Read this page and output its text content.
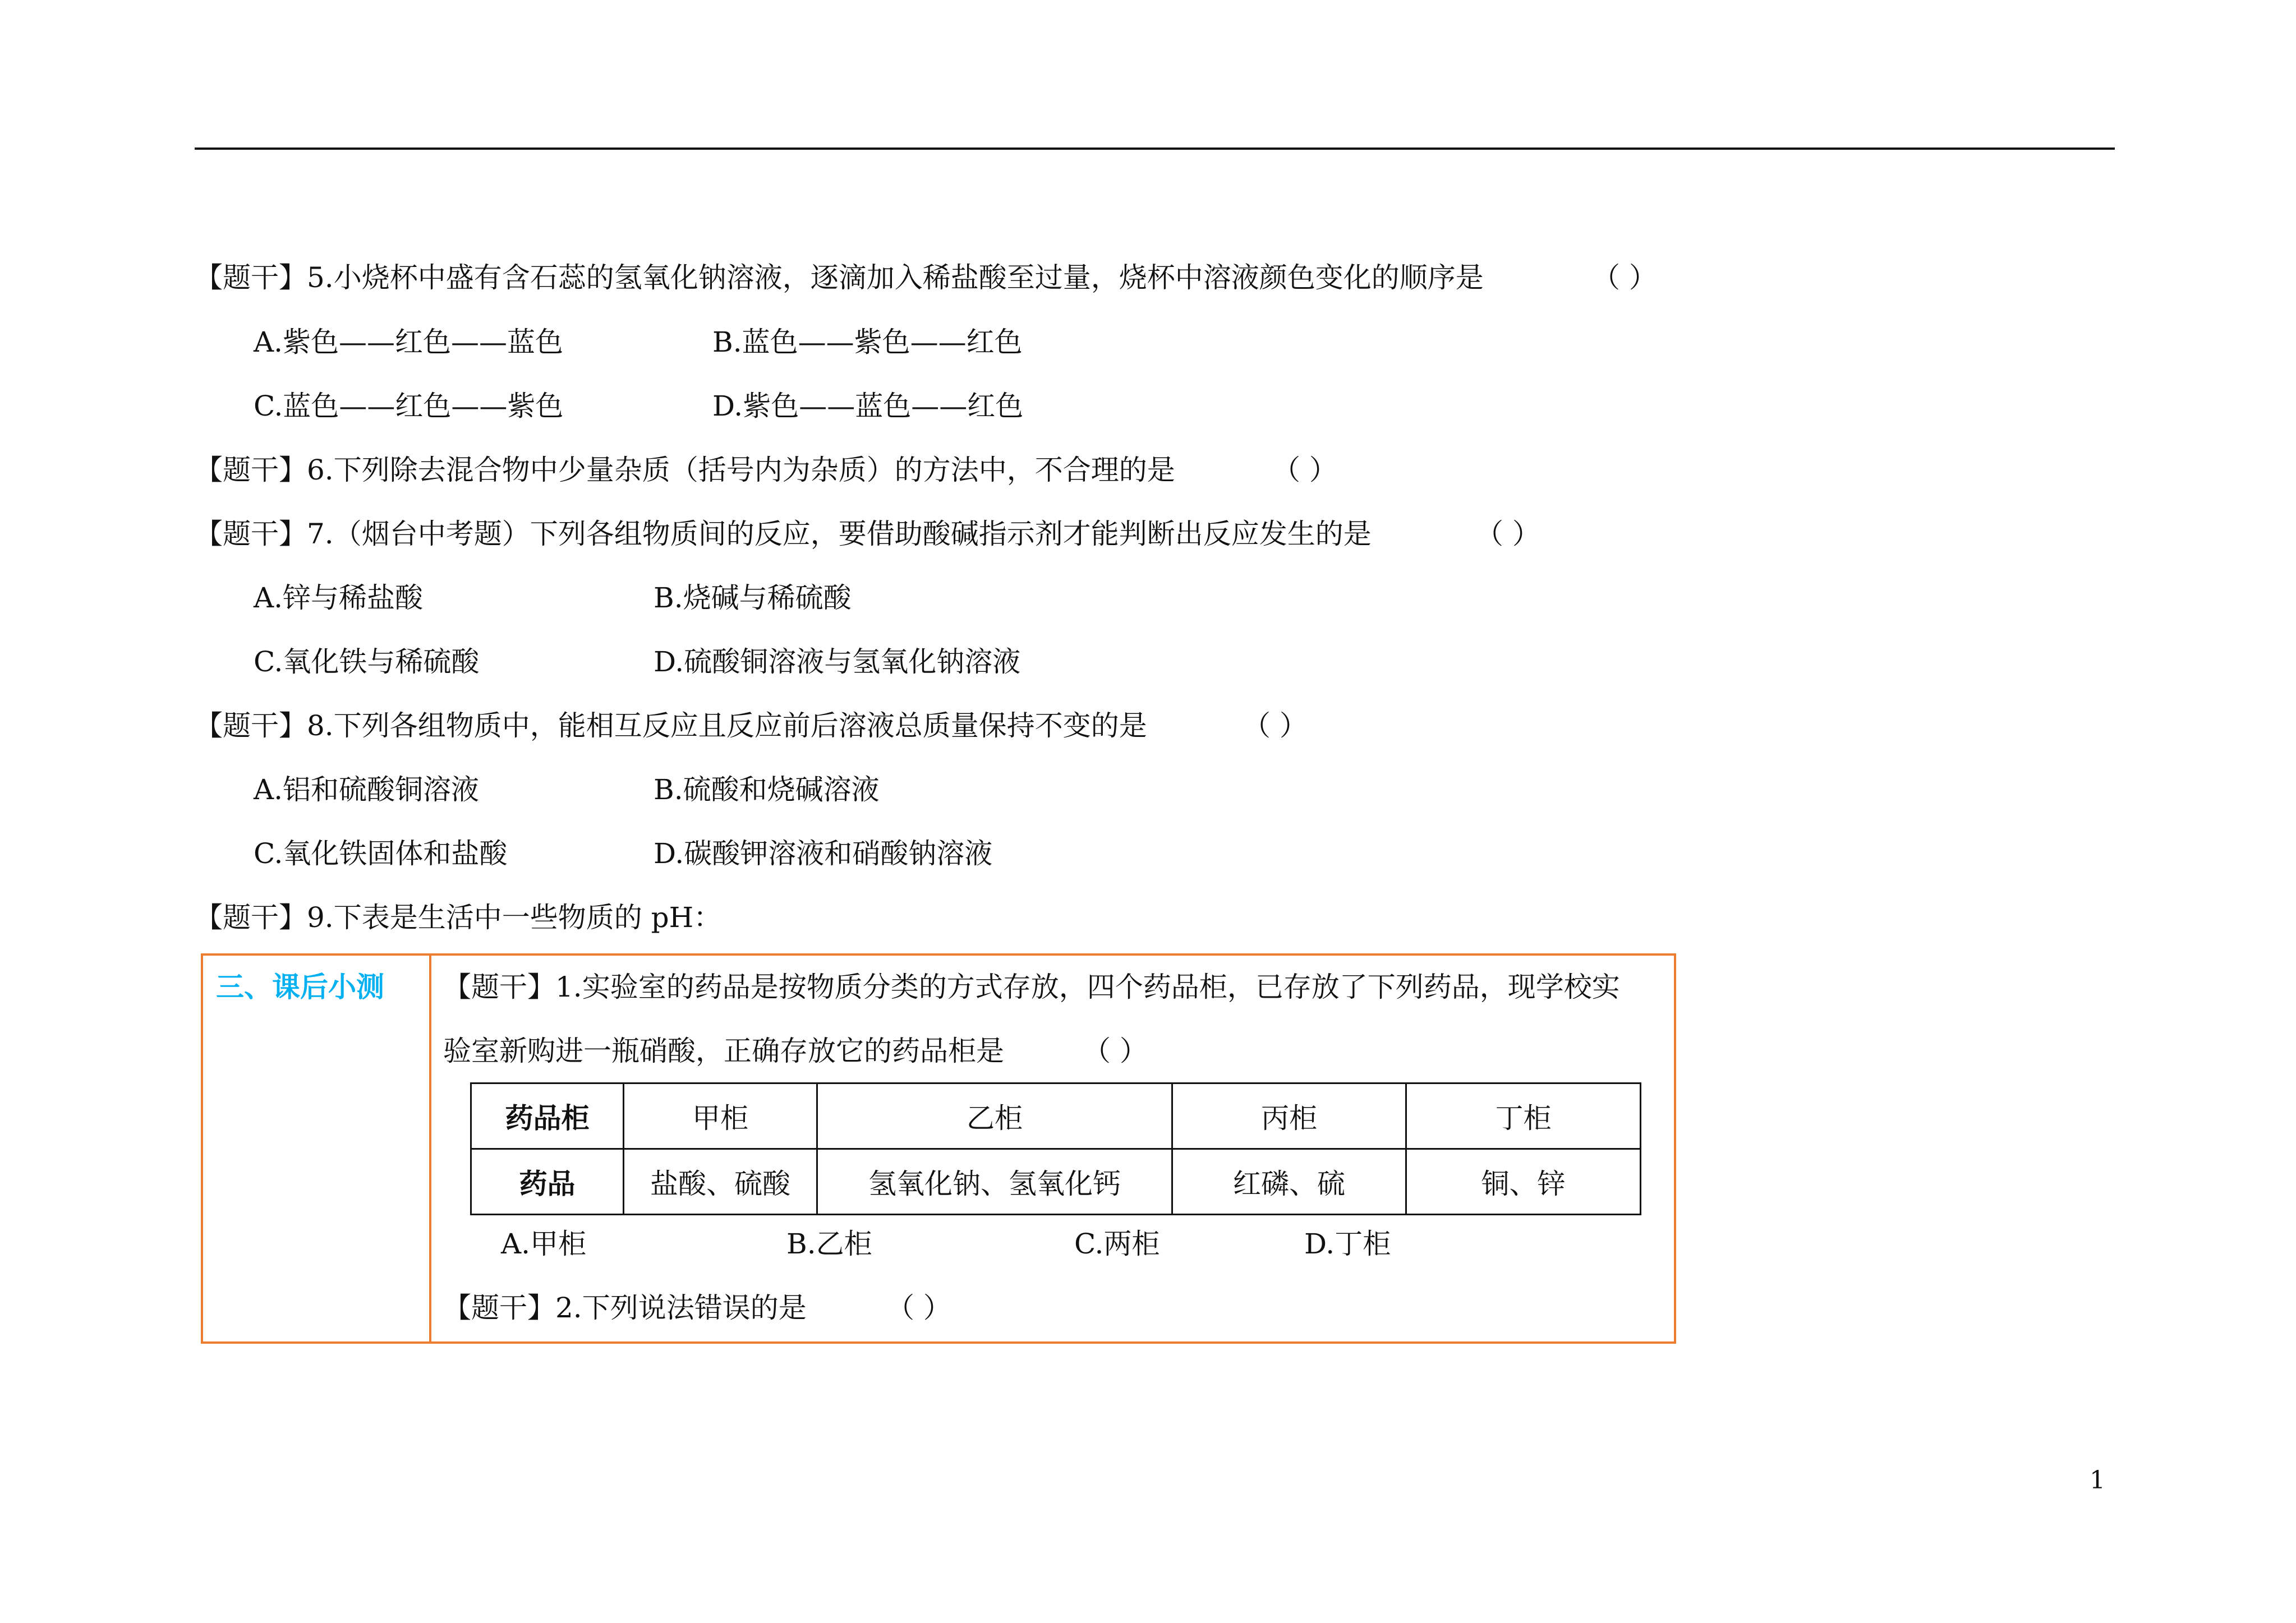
【题干】5.小烧杯中盛有含石蕊的氢氧化钠溶液，逐滴加入稀盐酸至过量，烧杯中溶液颜色变化的顺序是	（ ）
A.紫色——红色——蓝色	B.蓝色——紫色——红色
C.蓝色——红色——紫色	D.紫色——蓝色——红色
【题干】6.下列除去混合物中少量杂质（括号内为杂质）的方法中，不合理的是	（ ）
【题干】7.（烟台中考题）下列各组物质间的反应，要借助酸碱指示剂才能判断出反应发生的是	（ ）
A.锌与稀盐酸	B.烧碱与稀硫酸
C.氧化铁与稀硫酸	D.硫酸铜溶液与氢氧化钠溶液
【题干】8.下列各组物质中，能相互反应且反应前后溶液总质量保持不变的是	（ ）
A.铝和硫酸铜溶液	B.硫酸和烧碱溶液
C.氧化铁固体和盐酸	D.碳酸钾溶液和硝酸钠溶液
【题干】9.下表是生活中一些物质的 pH：
三、课后小测 【题干】1.实验室的药品是按物质分类的方式存放，四个药品柜，已存放了下列药品，现学校实
验室新购进一瓶硝酸，正确存放它的药品柜是	（ ）
药品柜	甲柜	乙柜	丙柜	丁柜
药品	盐酸、硫酸	氢氧化钠、氢氧化钙	红磷、硫	铜、锌
A.甲柜	B.乙柜	C.两柜	D.丁柜
【题干】2.下列说法错误的是	（ ）
1
